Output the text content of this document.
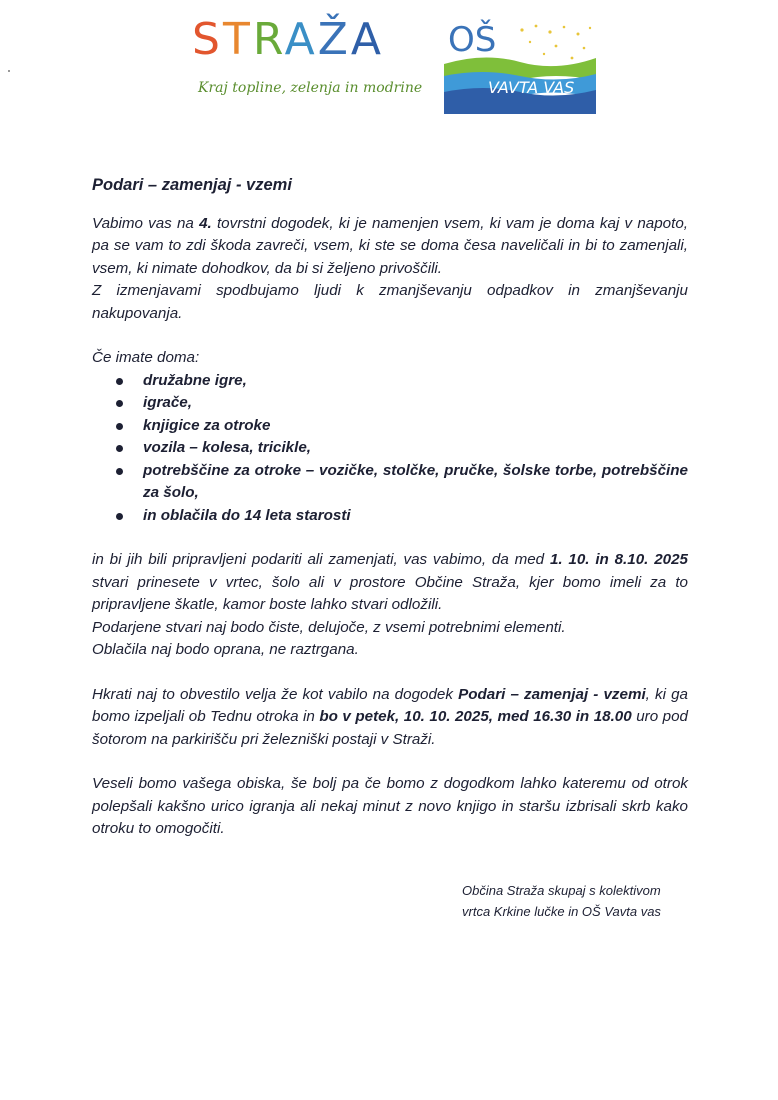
STRAŽA
Kraj topline, zelenja in modrine
OŠ
VAVTA VAS
Podari – zamenjaj - vzemi

Vabimo vas na 4. tovrstni dogodek, ki je namenjen vsem, ki vam je doma kaj v napoto, pa se vam to zdi škoda zavreči, vsem, ki ste se doma česa naveličali in bi to zamenjali, vsem, ki nimate dohodkov, da bi si željeno privoščili.

Z izmenjavami spodbujamo ljudi k zmanjševanju odpadkov in zmanjševanju nakupovanja.

Če imate doma:

družabne igre,
igrače,
knjigice za otroke
vozila – kolesa, tricikle,
potrebščine za otroke – vozičke, stolčke, pručke, šolske torbe, potrebščine za šolo,
in oblačila do 14 leta starosti

in bi jih bili pripravljeni podariti ali zamenjati, vas vabimo, da med 1. 10. in 8.10. 2025 stvari prinesete v vrtec, šolo ali v prostore Občine Straža, kjer bomo imeli za to pripravljene škatle, kamor boste lahko stvari odložili.

Podarjene stvari naj bodo čiste, delujoče, z vsemi potrebnimi elementi.

Oblačila naj bodo oprana, ne raztrgana.

Hkrati naj to obvestilo velja že kot vabilo na dogodek Podari – zamenjaj - vzemi, ki ga bomo izpeljali ob Tednu otroka in bo v petek, 10. 10. 2025, med 16.30 in 18.00 uro pod šotorom na parkirišču pri železniški postaji v Straži.

Veseli bomo vašega obiska, še bolj pa če bomo z dogodkom lahko kateremu od otrok polepšali kakšno urico igranja ali nekaj minut z novo knjigo in staršu izbrisali skrb kako otroku to omogočiti.

Občina Straža skupaj s kolektivom
vrtca Krkine lučke in OŠ Vavta vas
